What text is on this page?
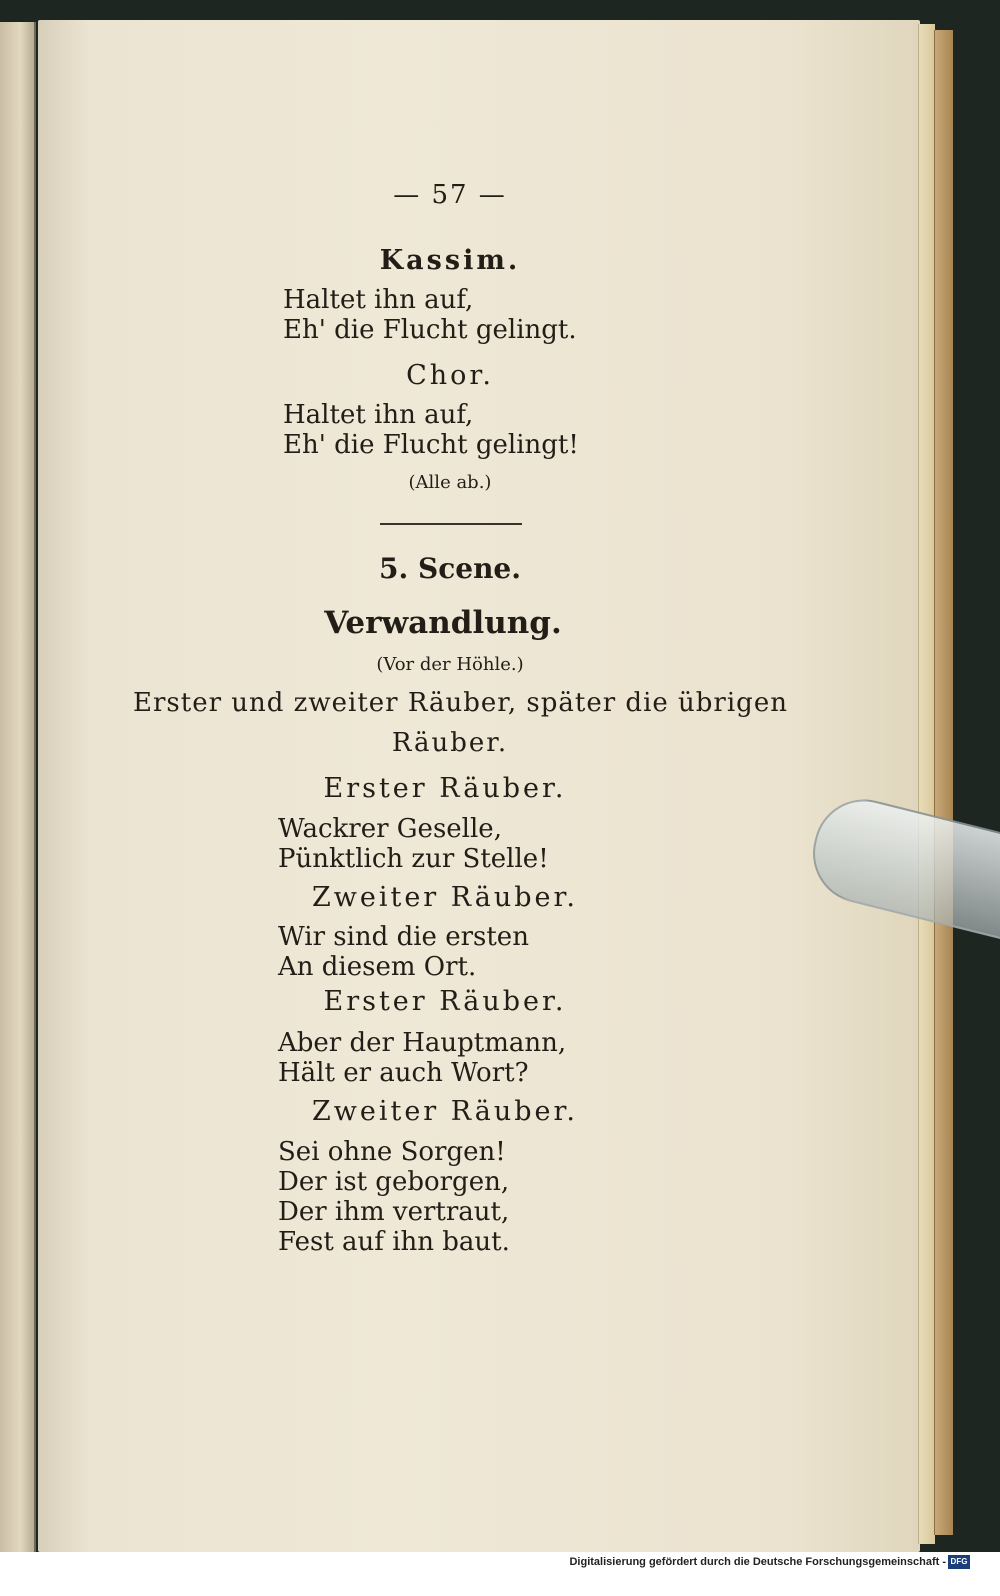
— 57 —
Kassim.
Haltet ihn auf,
Eh' die Flucht gelingt.
Chor.
Haltet ihn auf,
Eh' die Flucht gelingt!
(Alle ab.)
5. Scene.
Verwandlung.
(Vor der Höhle.)
Erster und zweiter Räuber, später die übrigen
Räuber.
Erster Räuber.
Wackrer Geselle,
Pünktlich zur Stelle!
Zweiter Räuber.
Wir sind die ersten
An diesem Ort.
Erster Räuber.
Aber der Hauptmann,
Hält er auch Wort?
Zweiter Räuber.
Sei ohne Sorgen!
Der ist geborgen,
Der ihm vertraut,
Fest auf ihn baut.
Digitalisierung gefördert durch die Deutsche Forschungsgemeinschaft - DFG
